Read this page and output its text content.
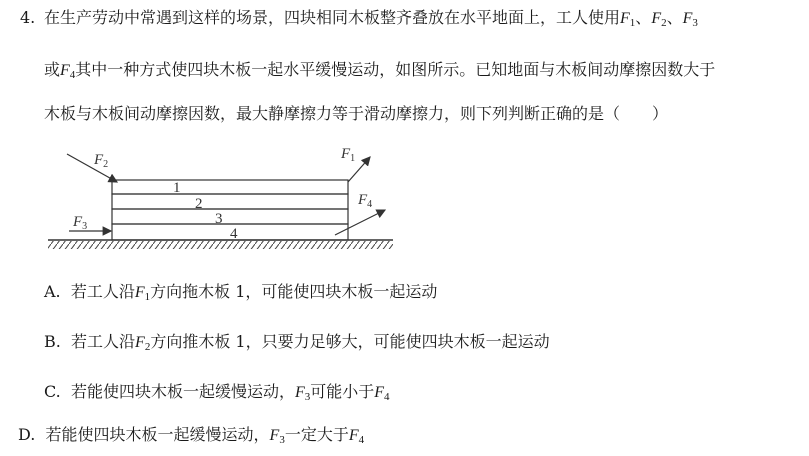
4. 在生产劳动中常遇到这样的场景，四块相同木板整齐叠放在水平地面上，工人使用$F_1$、$F_2$、$F_3$
或$F_4$其中一种方式使四块木板一起水平缓慢运动，如图所示。已知地面与木板间动摩擦因数大于
木板与木板间动摩擦因数，最大静摩擦力等于滑动摩擦力，则下列判断正确的是（　　）
1
2
3
4
F2
F3
F1
F4
A. 若工人沿$F_1$方向拖木板 1，可能使四块木板一起运动
B. 若工人沿$F_2$方向推木板 1，只要力足够大，可能使四块木板一起运动
C. 若能使四块木板一起缓慢运动，$F_3$可能小于$F_4$
D. 若能使四块木板一起缓慢运动，$F_3$一定大于$F_4$
